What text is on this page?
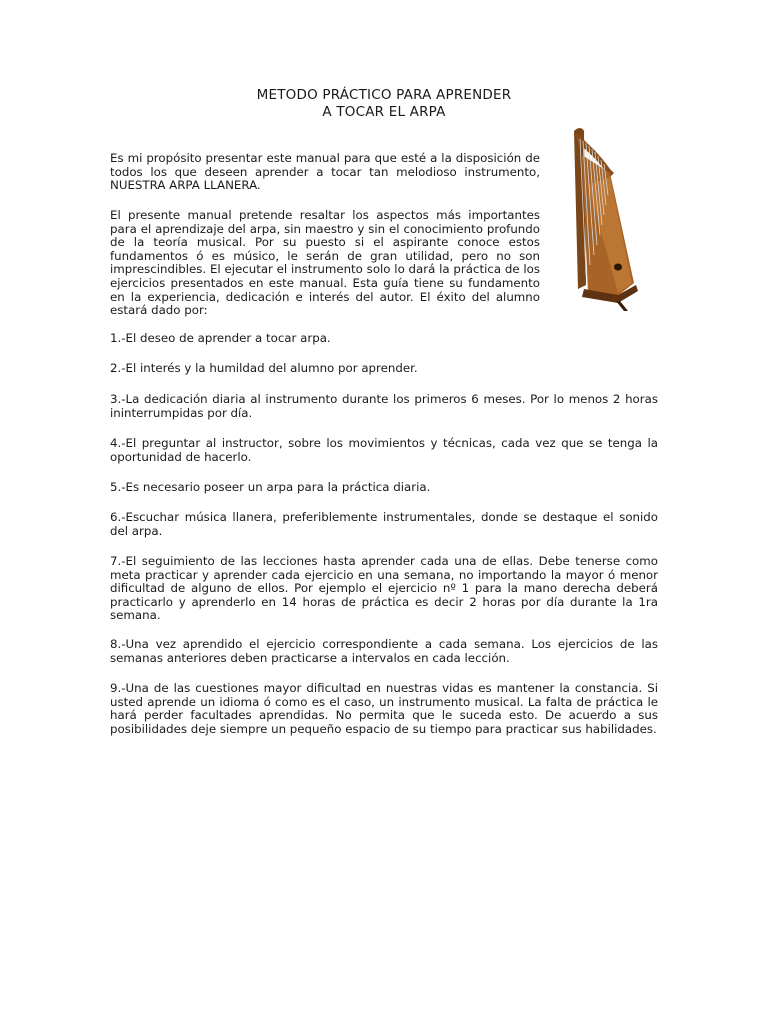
METODO PRÁCTICO PARA APRENDER
A TOCAR EL ARPA

Es mi propósito presentar este manual para que esté a la disposición de todos los que deseen aprender a tocar tan melodioso instrumento, NUESTRA ARPA LLANERA.

El presente manual pretende resaltar los aspectos más importantes para el aprendizaje del arpa, sin maestro y sin el conocimiento profundo de la teoría musical. Por su puesto si el aspirante conoce estos fundamentos ó es músico, le serán de gran utilidad, pero no son imprescindibles. El ejecutar el instrumento solo lo dará la práctica de los ejercicios presentados en este manual. Esta guía tiene su fundamento en la experiencia, dedicación e interés del autor. El éxito del alumno estará dado por:

1.-El deseo de aprender a tocar arpa.

2.-El interés y la humildad del alumno por aprender.

3.-La dedicación diaria al instrumento durante los primeros 6 meses. Por lo menos 2 horas ininterrumpidas por día.

4.-El preguntar al instructor, sobre los movimientos y técnicas, cada vez que se tenga la oportunidad de hacerlo.

5.-Es necesario poseer un arpa para la práctica diaria.

6.-Escuchar música llanera, preferiblemente instrumentales, donde se destaque el sonido del arpa.

7.-El seguimiento de las lecciones hasta aprender cada una de ellas. Debe tenerse como meta practicar y aprender cada ejercicio en una semana, no importando la mayor ó menor dificultad de alguno de ellos. Por ejemplo el ejercicio nº 1 para la mano derecha deberá practicarlo y aprenderlo en 14 horas de práctica es decir 2 horas por día durante la 1ra semana.

8.-Una vez aprendido el ejercicio correspondiente a cada semana. Los ejercicios de las semanas anteriores deben practicarse a intervalos en cada lección.

9.-Una de las cuestiones mayor dificultad en nuestras vidas es mantener la constancia. Si usted aprende un idioma ó como es el caso, un instrumento musical. La falta de práctica le hará perder facultades aprendidas. No permita que le suceda esto. De acuerdo a sus posibilidades deje siempre un pequeño espacio de su tiempo para practicar sus habilidades.
